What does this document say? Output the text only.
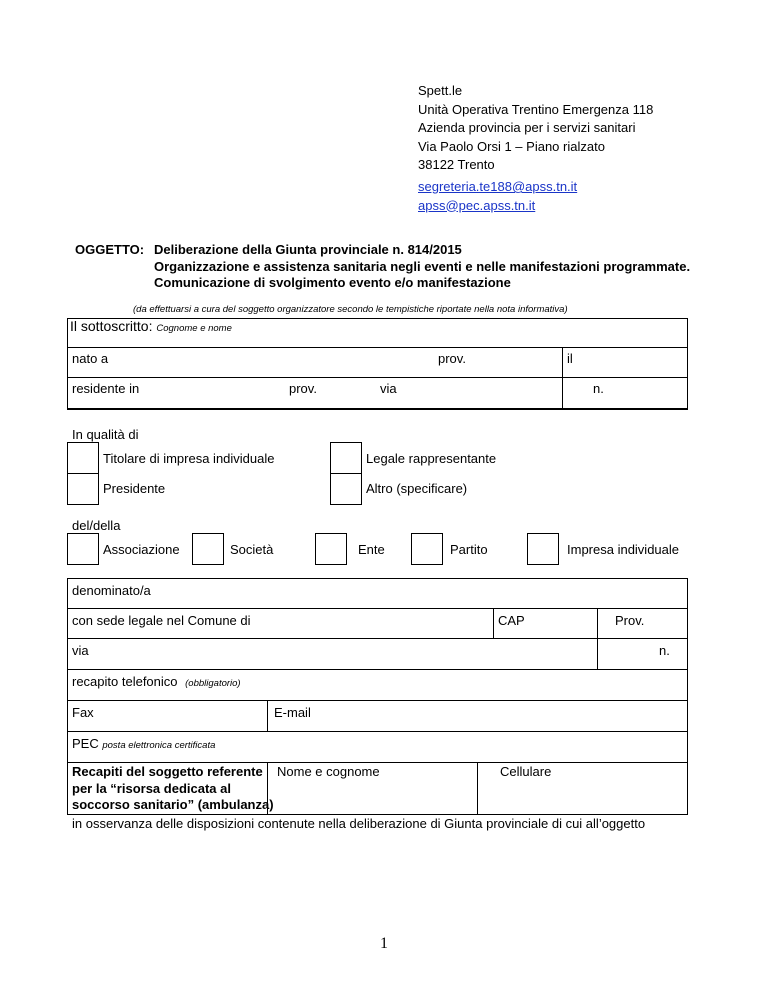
Spett.le
Unità Operativa Trentino Emergenza 118
Azienda provincia per i servizi sanitari
Via Paolo Orsi 1 – Piano rialzato
38122 Trento
segreteria.te188@apss.tn.it
apss@pec.apss.tn.it
OGGETTO: Deliberazione della Giunta provinciale n. 814/2015
Organizzazione e assistenza sanitaria negli eventi e nelle manifestazioni programmate.
Comunicazione di svolgimento evento e/o manifestazione
(da effettuarsi a cura del soggetto organizzatore secondo le tempistiche riportate nella nota informativa)
Il sottoscritto: Cognome e nome
nato a	prov.	il
residente in	prov.	via	n.
In qualità di
Titolare di impresa individuale	Legale rappresentante
Presidente	Altro (specificare)
del/della
Associazione	Società	Ente	Partito	Impresa individuale
denominato/a
con sede legale nel Comune di	CAP	Prov.
via	n.
recapito telefonico (obbligatorio)
Fax	E-mail
PEC posta elettronica certificata
Recapiti del soggetto referente
per la “risorsa dedicata al
soccorso sanitario” (ambulanza)
Nome e cognome	Cellulare
in osservanza delle disposizioni contenute nella deliberazione di Giunta provinciale di cui all’oggetto
1
